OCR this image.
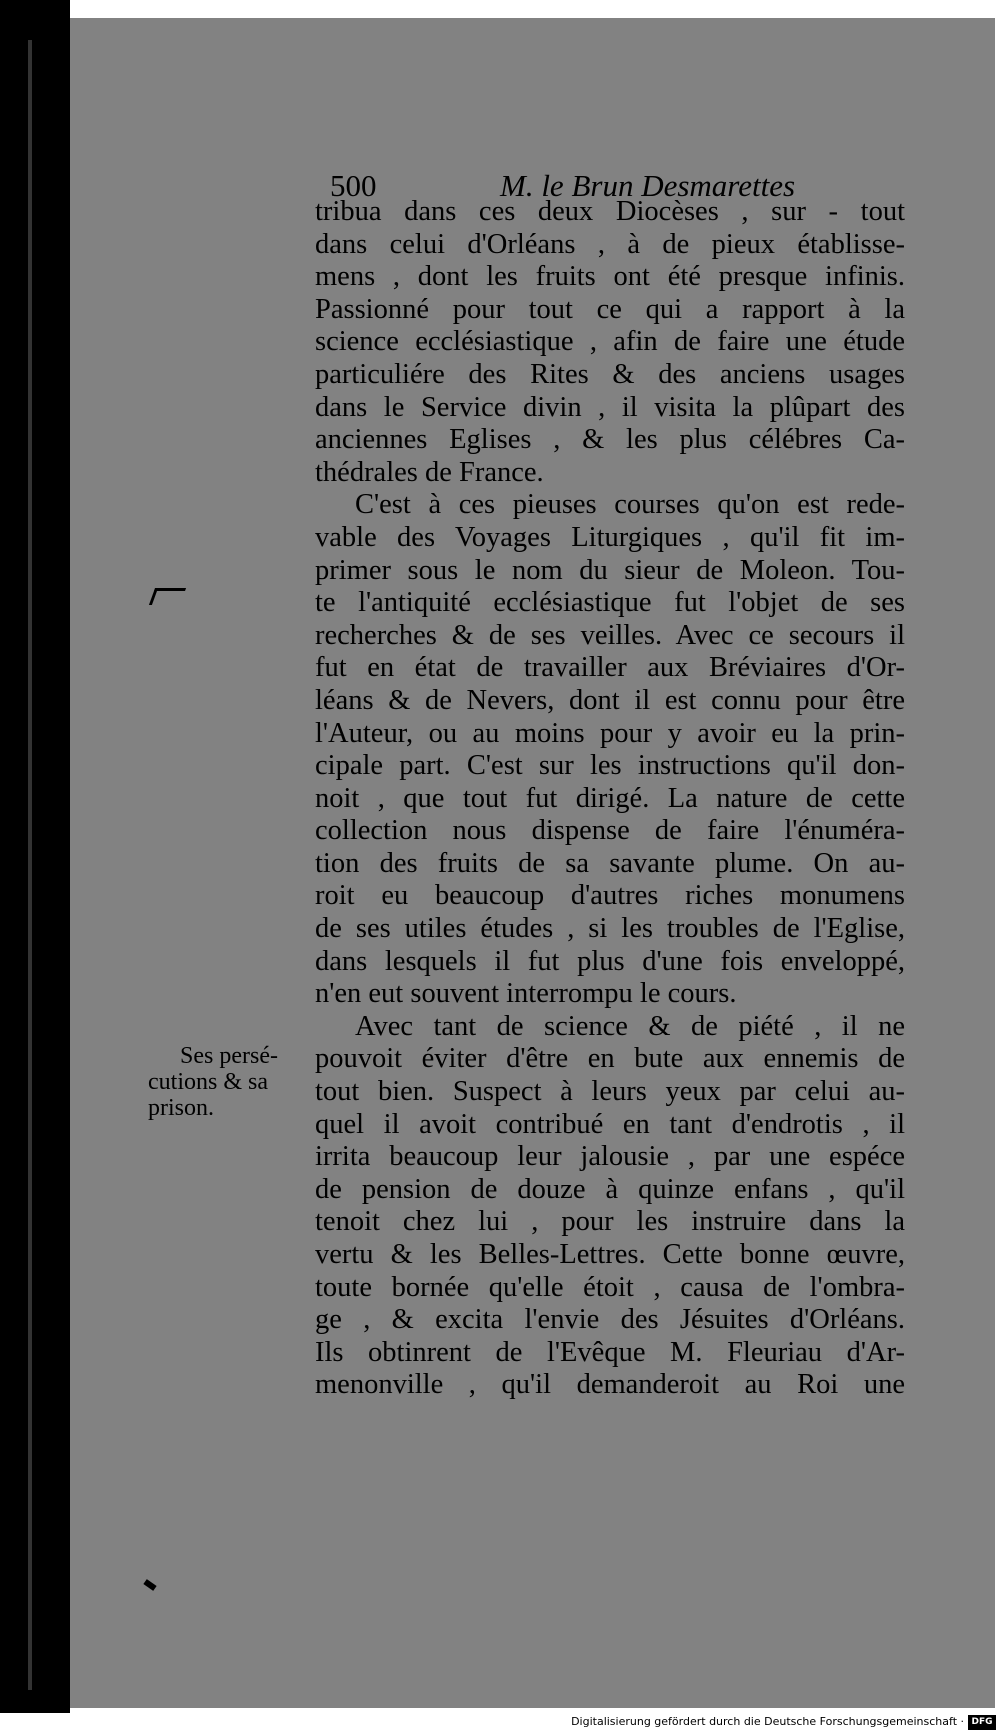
500	M. le Brun Desmarettes
tribua dans ces deux Diocèses , sur - tout
dans celui d'Orléans , à de pieux établisse-
mens , dont les fruits ont été presque infinis.
Passionné pour tout ce qui a rapport à la
science ecclésiastique , afin de faire une étude
particuliére des Rites & des anciens usages
dans le Service divin , il visita la plûpart des
anciennes Eglises , & les plus célébres Ca-
thédrales de France.
C'est à ces pieuses courses qu'on est rede-
vable des Voyages Liturgiques , qu'il fit im-
primer sous le nom du sieur de Moleon. Tou-
te l'antiquité ecclésiastique fut l'objet de ses
recherches & de ses veilles. Avec ce secours il
fut en état de travailler aux Bréviaires d'Or-
léans & de Nevers, dont il est connu pour être
l'Auteur, ou au moins pour y avoir eu la prin-
cipale part. C'est sur les instructions qu'il don-
noit , que tout fut dirigé. La nature de cette
collection nous dispense de faire l'énuméra-
tion des fruits de sa savante plume. On au-
roit eu beaucoup d'autres riches monumens
de ses utiles études , si les troubles de l'Eglise,
dans lesquels il fut plus d'une fois enveloppé,
n'en eut souvent interrompu le cours.
Avec tant de science & de piété , il ne
pouvoit éviter d'être en bute aux ennemis de
tout bien. Suspect à leurs yeux par celui au-
quel il avoit contribué en tant d'endrotis , il
irrita beaucoup leur jalousie , par une espéce
de pension de douze à quinze enfans , qu'il
tenoit chez lui , pour les instruire dans la
vertu & les Belles-Lettres. Cette bonne œuvre,
toute bornée qu'elle étoit , causa de l'ombra-
ge , & excita l'envie des Jésuites d'Orléans.
Ils obtinrent de l'Evêque M. Fleuriau d'Ar-
menonville , qu'il demanderoit au Roi une
Ses persé-
cutions & sa
prison.
Digitalisierung gefördert durch die Deutsche Forschungsgemeinschaft · DFG
